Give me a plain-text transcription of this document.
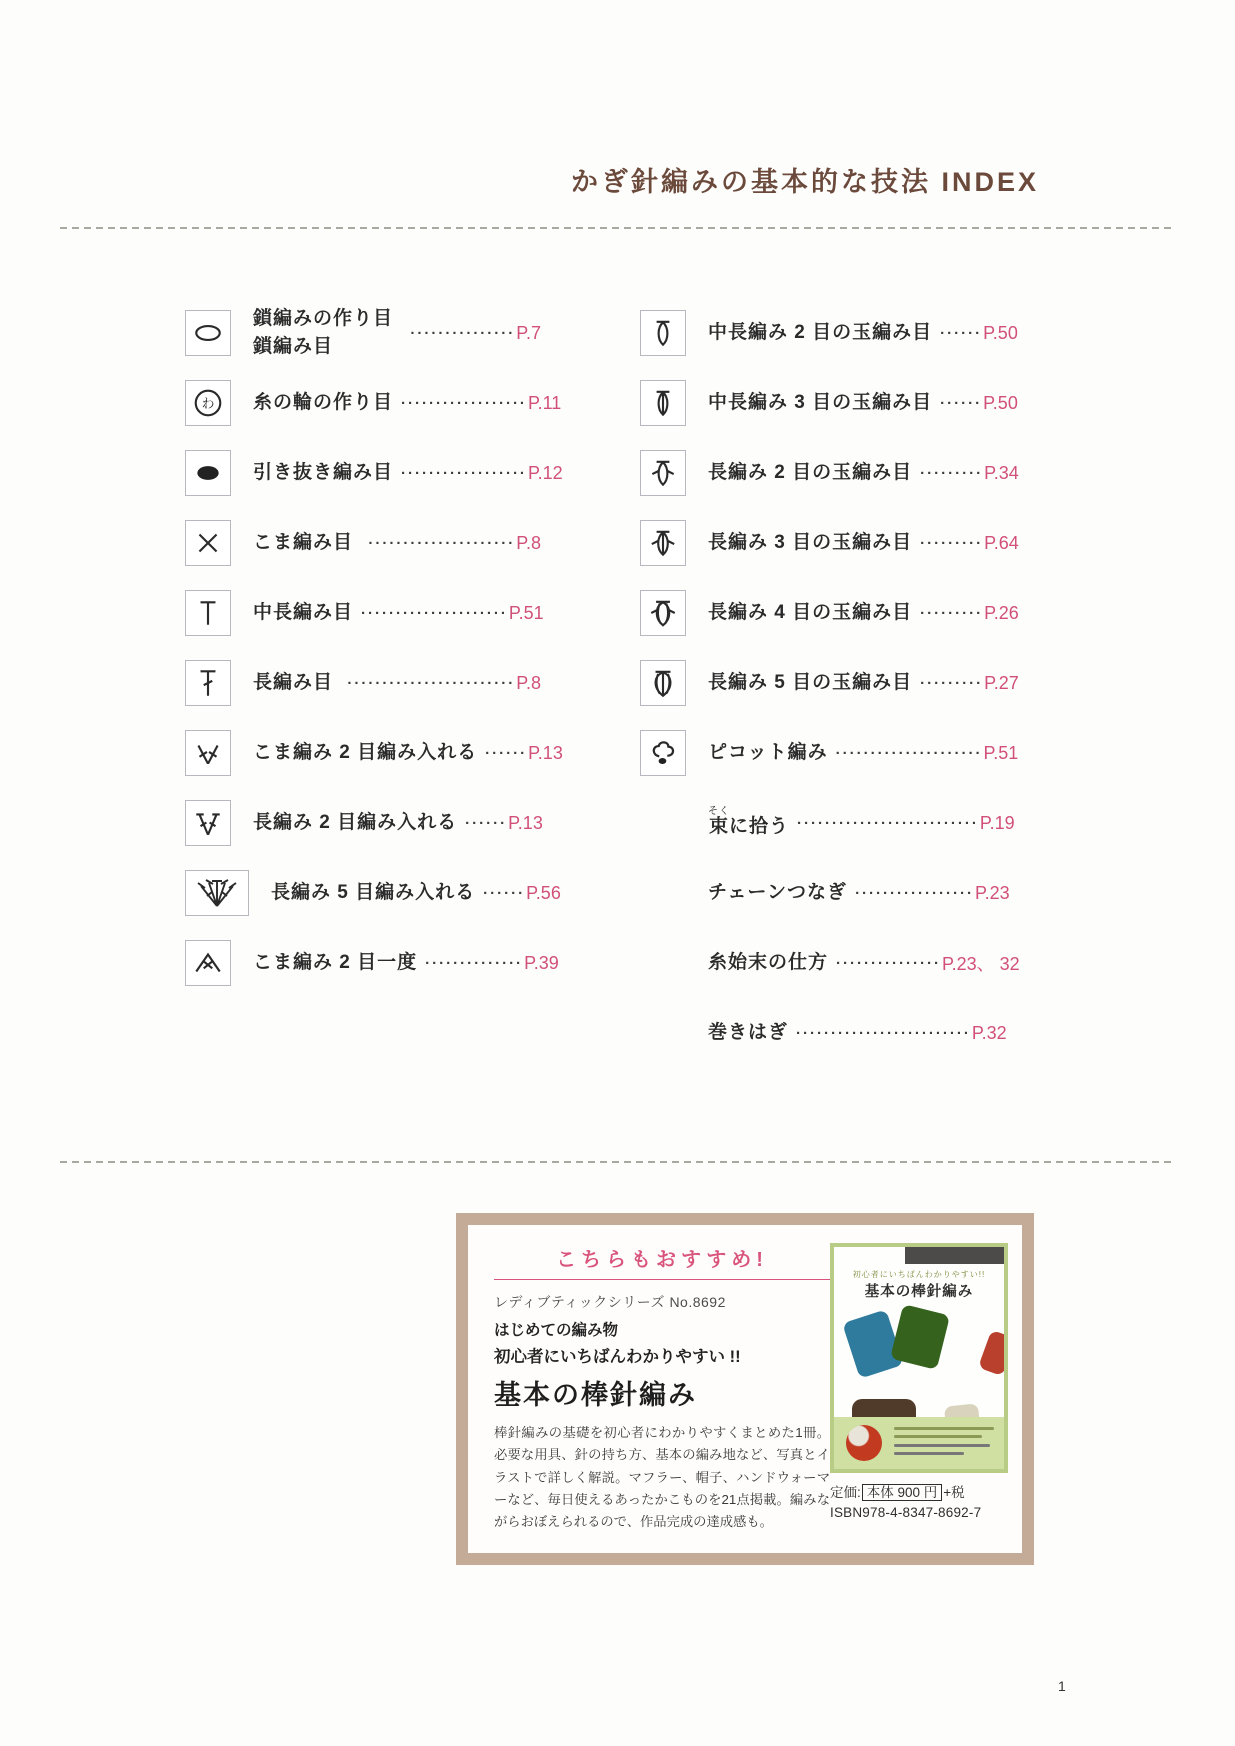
かぎ針編みの基本的な技法 INDEX
鎖編みの作り目
鎖編み目
··············· P.7
わ 糸の輪の作り目 ·················· P.11
引き抜き編み目 ·················· P.12
こま編み目	····················· P.8
中長編み目 ····················· P.51
長編み目 ························ P.8
こま編み 2 目編み入れる ······ P.13
長編み 2 目編み入れる ······ P.13
長編み 5 目編み入れる ······ P.56
こま編み 2 目一度 ·············· P.39
中長編み 2 目の玉編み目 ······ P.50
中長編み 3 目の玉編み目 ······ P.50
長編み 2 目の玉編み目 ········· P.34
長編み 3 目の玉編み目 ········· P.64
長編み 4 目の玉編み目 ········· P.26
長編み 5 目の玉編み目 ········· P.27
ピコット編み ····················· P.51
束そくに拾う ·························· P.19
チェーンつなぎ ················· P.23
糸始末の仕方 ··············· P.23、 32
巻きはぎ ························· P.32
こちらもおすすめ!
レディブティックシリーズ No.8692
はじめての編み物
初心者にいちばんわかりやすい !!
基本の棒針編み

棒針編みの基礎を初心者にわかりやすくまとめた1冊。必要な用具、針の持ち方、基本の編み地など、写真とイラストで詳しく解説。マフラー、帽子、ハンドウォーマーなど、毎日使えるあったかこものを21点掲載。編みながらおぼえられるので、作品完成の達成感も。

初心者にいちばんわかりやすい!!
基本の棒針編み
定価: 本体 900 円 +税
ISBN978-4-8347-8692-7
1
